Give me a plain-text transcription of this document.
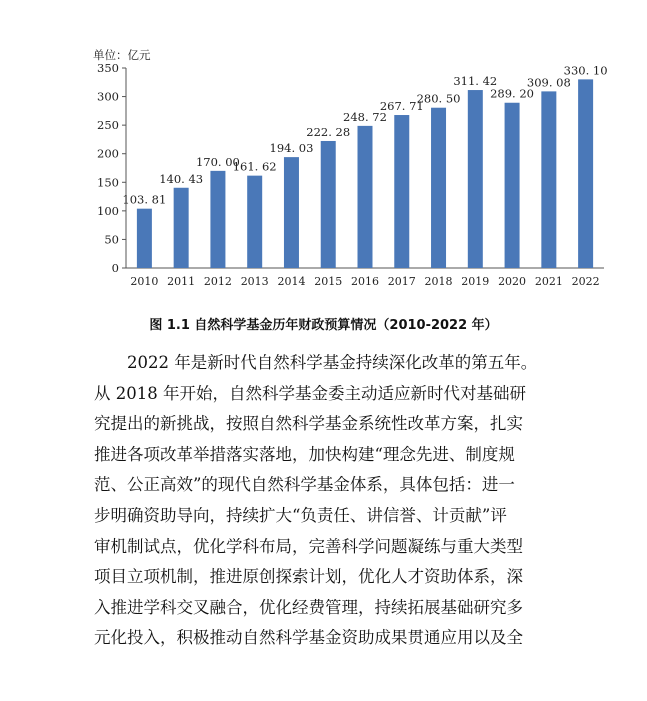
单位：亿元
0
50
100
150
200
250
300
350
103. 81
140. 43
170. 00
161. 62
194. 03
222. 28
248. 72
267. 71
280. 50
311. 42
289. 20
309. 08
330. 10
2010 2011 2012 2013 2014 2015 2016 2017 2018 2019 2020 2021 2022
图 1.1 自然科学基金历年财政预算情况（2010-2022 年）
2022 年是新时代自然科学基金持续深化改革的第五年。
从 2018 年开始，自然科学基金委主动适应新时代对基础研
究提出的新挑战，按照自然科学基金系统性改革方案，扎实
推进各项改革举措落实落地，加快构建“理念先进、制度规
范、公正高效”的现代自然科学基金体系，具体包括：进一
步明确资助导向，持续扩大“负责任、讲信誉、计贡献”评
审机制试点，优化学科布局，完善科学问题凝练与重大类型
项目立项机制，推进原创探索计划，优化人才资助体系，深
入推进学科交叉融合，优化经费管理，持续拓展基础研究多
元化投入，积极推动自然科学基金资助成果贯通应用以及全
